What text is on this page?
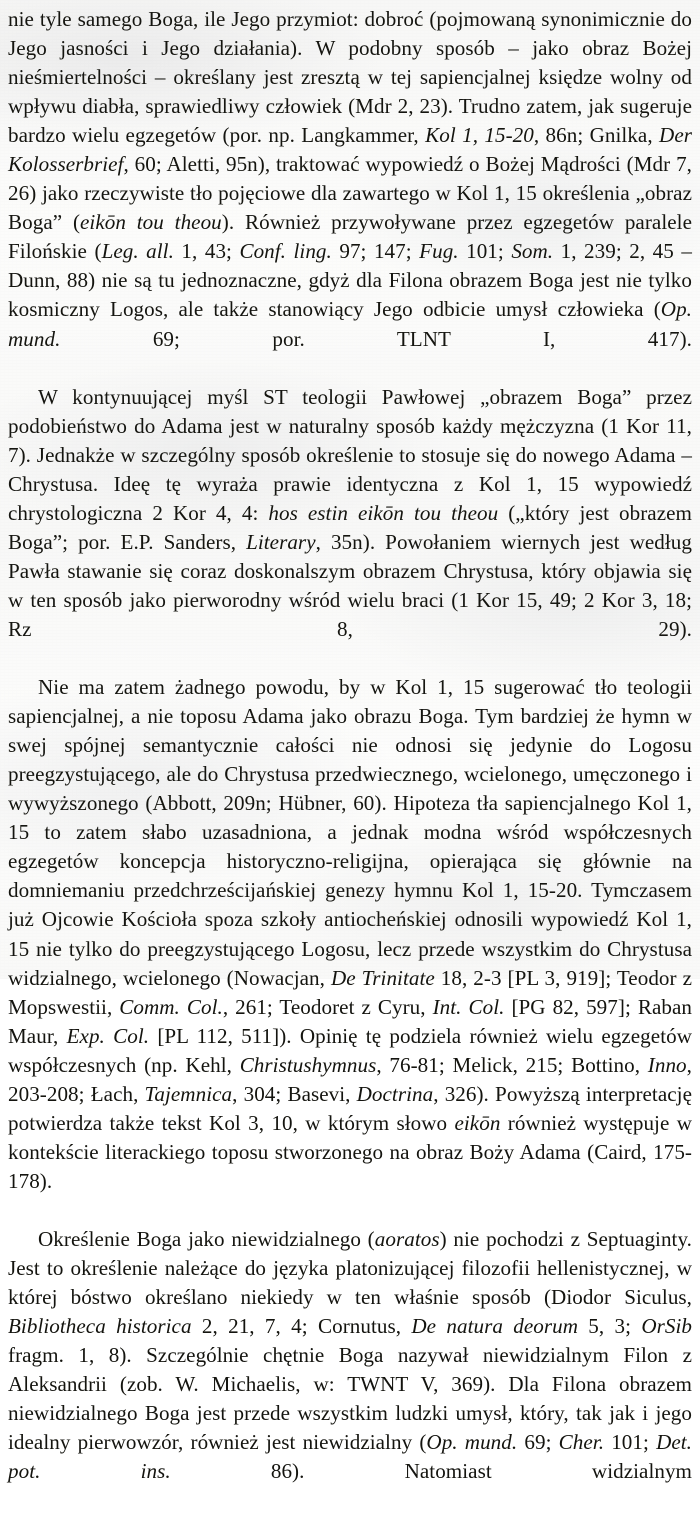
nie tyle samego Boga, ile Jego przymiot: dobroć (pojmowaną synonimicznie do Jego jasności i Jego działania). W podobny sposób – jako obraz Bożej nieśmiertelności – określany jest zresztą w tej sapiencjalnej księdze wolny od wpływu diabła, sprawiedliwy człowiek (Mdr 2, 23). Trudno zatem, jak sugeruje bardzo wielu egzegetów (por. np. Langkammer, Kol 1, 15-20, 86n; Gnilka, Der Kolosserbrief, 60; Aletti, 95n), traktować wypowiedź o Bożej Mądrości (Mdr 7, 26) jako rzeczywiste tło pojęciowe dla zawartego w Kol 1, 15 określenia „obraz Boga” (eikōn tou theou). Również przywoływane przez egzegetów paralele Filońskie (Leg. all. 1, 43; Conf. ling. 97; 147; Fug. 101; Som. 1, 239; 2, 45 – Dunn, 88) nie są tu jednoznaczne, gdyż dla Filona obrazem Boga jest nie tylko kosmiczny Logos, ale także stanowiący Jego odbicie umysł człowieka (Op. mund. 69; por. TLNT I, 417).

W kontynuującej myśl ST teologii Pawłowej „obrazem Boga” przez podobieństwo do Adama jest w naturalny sposób każdy mężczyzna (1 Kor 11, 7). Jednakże w szczególny sposób określenie to stosuje się do nowego Adama – Chrystusa. Ideę tę wyraża prawie identyczna z Kol 1, 15 wypowiedź chrystologiczna 2 Kor 4, 4: hos estin eikōn tou theou („który jest obrazem Boga”; por. E.P. Sanders, Literary, 35n). Powołaniem wiernych jest według Pawła stawanie się coraz doskonalszym obrazem Chrystusa, który objawia się w ten sposób jako pierworodny wśród wielu braci (1 Kor 15, 49; 2 Kor 3, 18; Rz 8, 29).

Nie ma zatem żadnego powodu, by w Kol 1, 15 sugerować tło teologii sapiencjalnej, a nie toposu Adama jako obrazu Boga. Tym bardziej że hymn w swej spójnej semantycznie całości nie odnosi się jedynie do Logosu preegzystującego, ale do Chrystusa przedwiecznego, wcielonego, umęczonego i wywyższonego (Abbott, 209n; Hübner, 60). Hipoteza tła sapiencjalnego Kol 1, 15 to zatem słabo uzasadniona, a jednak modna wśród współczesnych egzegetów koncepcja historyczno-religijna, opierająca się głównie na domniemaniu przedchrześcijańskiej genezy hymnu Kol 1, 15-20. Tymczasem już Ojcowie Kościoła spoza szkoły antiocheńskiej odnosili wypowiedź Kol 1, 15 nie tylko do preegzystującego Logosu, lecz przede wszystkim do Chrystusa widzialnego, wcielonego (Nowacjan, De Trinitate 18, 2-3 [PL 3, 919]; Teodor z Mopswestii, Comm. Col., 261; Teodoret z Cyru, Int. Col. [PG 82, 597]; Raban Maur, Exp. Col. [PL 112, 511]). Opinię tę podziela również wielu egzegetów współczesnych (np. Kehl, Christushymnus, 76-81; Melick, 215; Bottino, Inno, 203-208; Łach, Tajemnica, 304; Basevi, Doctrina, 326). Powyższą interpretację potwierdza także tekst Kol 3, 10, w którym słowo eikōn również występuje w kontekście literackiego toposu stworzonego na obraz Boży Adama (Caird, 175-178).

Określenie Boga jako niewidzialnego (aoratos) nie pochodzi z Septuaginty. Jest to określenie należące do języka platonizującej filozofii hellenistycznej, w której bóstwo określano niekiedy w ten właśnie sposób (Diodor Siculus, Bibliotheca historica 2, 21, 7, 4; Cornutus, De natura deorum 5, 3; OrSib fragm. 1, 8). Szczególnie chętnie Boga nazywał niewidzialnym Filon z Aleksandrii (zob. W. Michaelis, w: TWNT V, 369). Dla Filona obrazem niewidzialnego Boga jest przede wszystkim ludzki umysł, który, tak jak i jego idealny pierwowzór, również jest niewidzialny (Op. mund. 69; Cher. 101; Det. pot. ins. 86). Natomiast widzialnym
